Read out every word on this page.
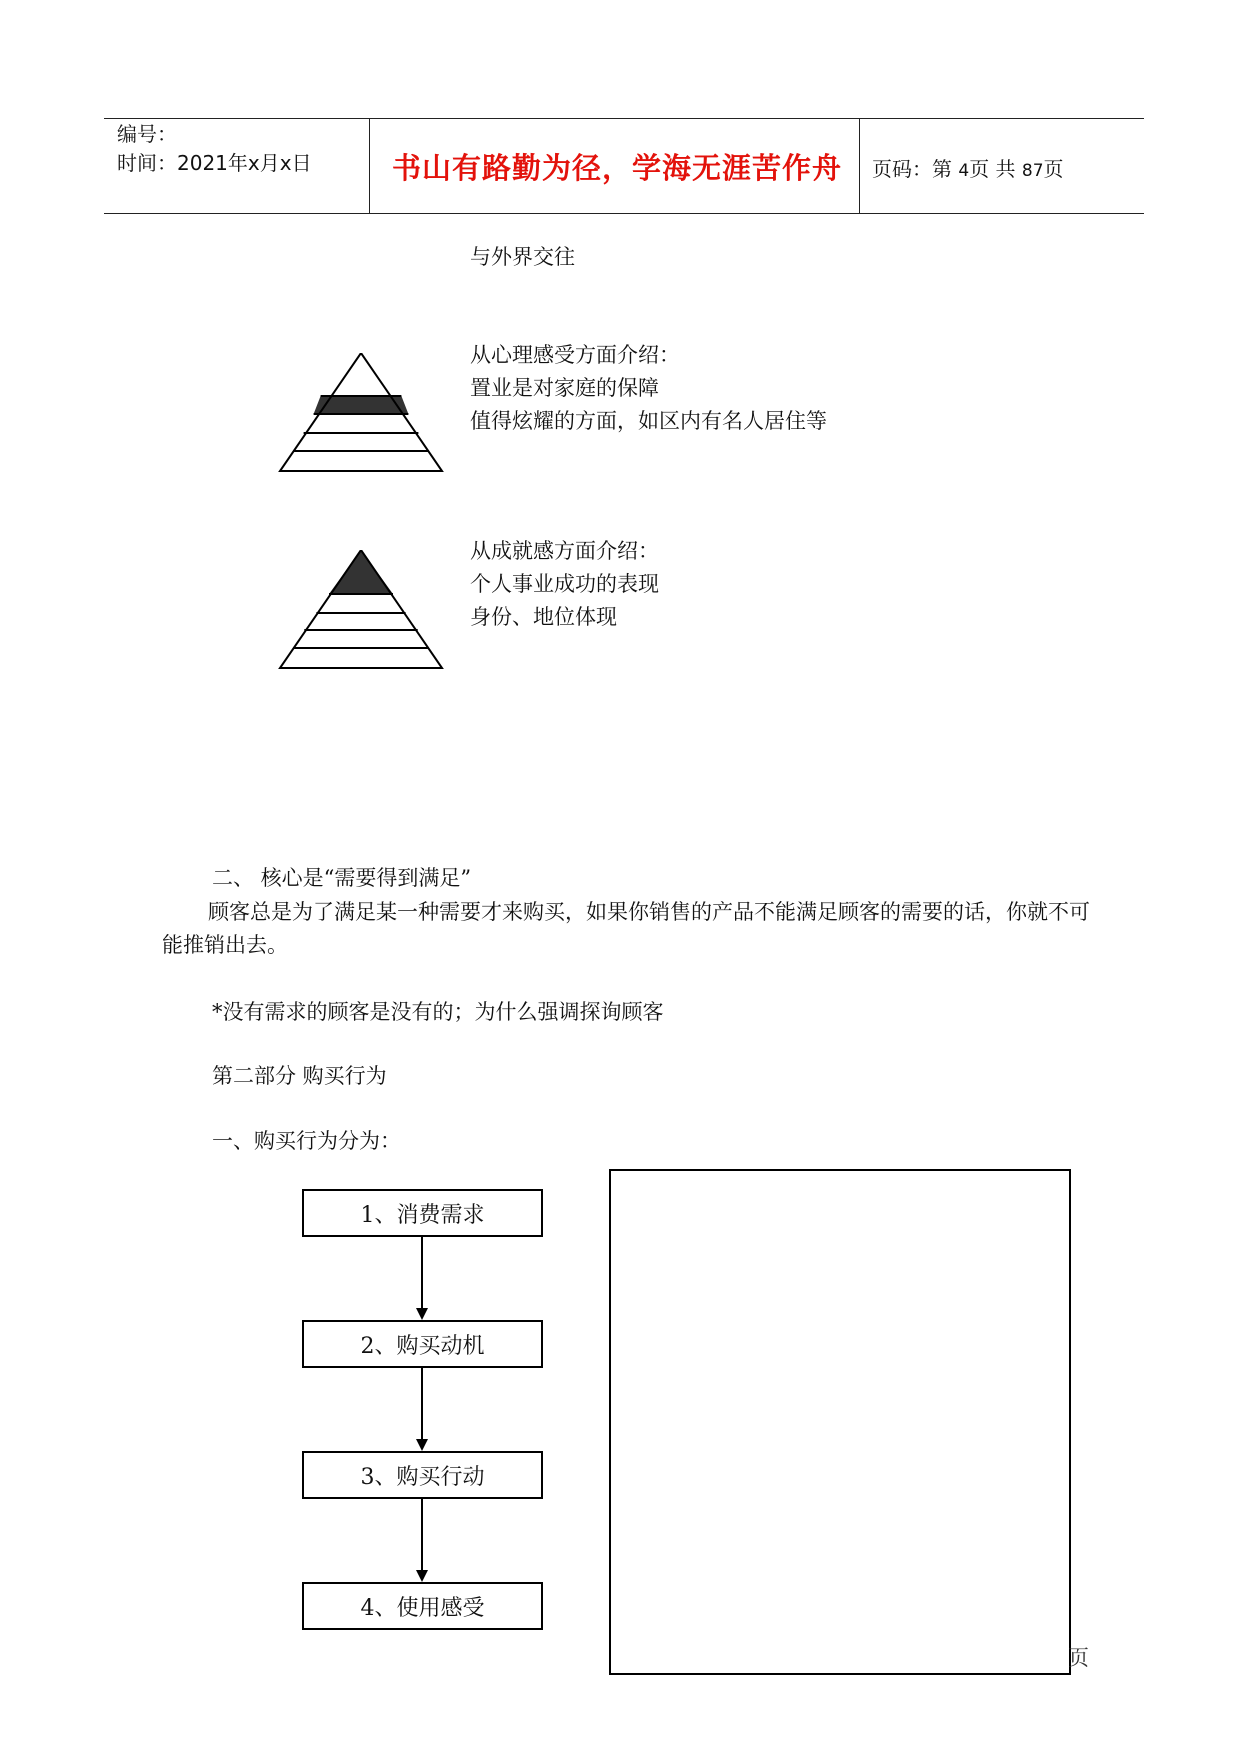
编号：
时间：2021年x月x日	书山有路勤为径，学海无涯苦作舟 页码：第 4页 共 87页
与外界交往
从心理感受方面介绍：
置业是对家庭的保障
值得炫耀的方面，如区内有名人居住等
从成就感方面介绍：
个人事业成功的表现
身份、地位体现
二、 核心是“需要得到满足”
顾客总是为了满足某一种需要才来购买，如果你销售的产品不能满足顾客的需要的话，你就不可能推销出去。
*没有需求的顾客是没有的；为什么强调探询顾客
第二部分 购买行为
一、购买行为分为：
1、消费需求
2、购买动机
3、购买行动
4、使用感受
页
